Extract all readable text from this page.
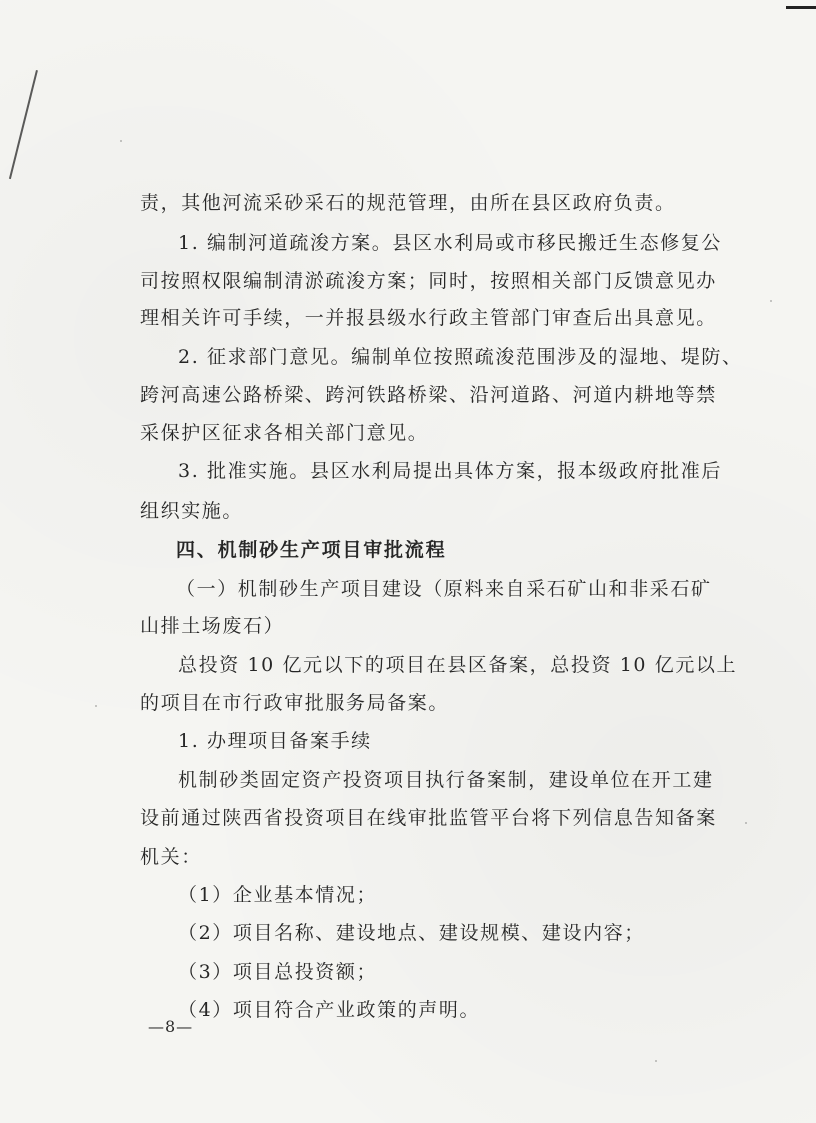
责，其他河流采砂采石的规范管理，由所在县区政府负责。
1. 编制河道疏浚方案。县区水利局或市移民搬迁生态修复公
司按照权限编制清淤疏浚方案；同时，按照相关部门反馈意见办
理相关许可手续，一并报县级水行政主管部门审查后出具意见。
2. 征求部门意见。编制单位按照疏浚范围涉及的湿地、堤防、
跨河高速公路桥梁、跨河铁路桥梁、沿河道路、河道内耕地等禁
采保护区征求各相关部门意见。
3. 批准实施。县区水利局提出具体方案，报本级政府批准后
组织实施。
四、机制砂生产项目审批流程
（一）机制砂生产项目建设（原料来自采石矿山和非采石矿
山排土场废石）
总投资 10 亿元以下的项目在县区备案，总投资 10 亿元以上
的项目在市行政审批服务局备案。
1. 办理项目备案手续
机制砂类固定资产投资项目执行备案制，建设单位在开工建
设前通过陕西省投资项目在线审批监管平台将下列信息告知备案
机关：
（1）企业基本情况；
（2）项目名称、建设地点、建设规模、建设内容；
（3）项目总投资额；
（4）项目符合产业政策的声明。
—8—
